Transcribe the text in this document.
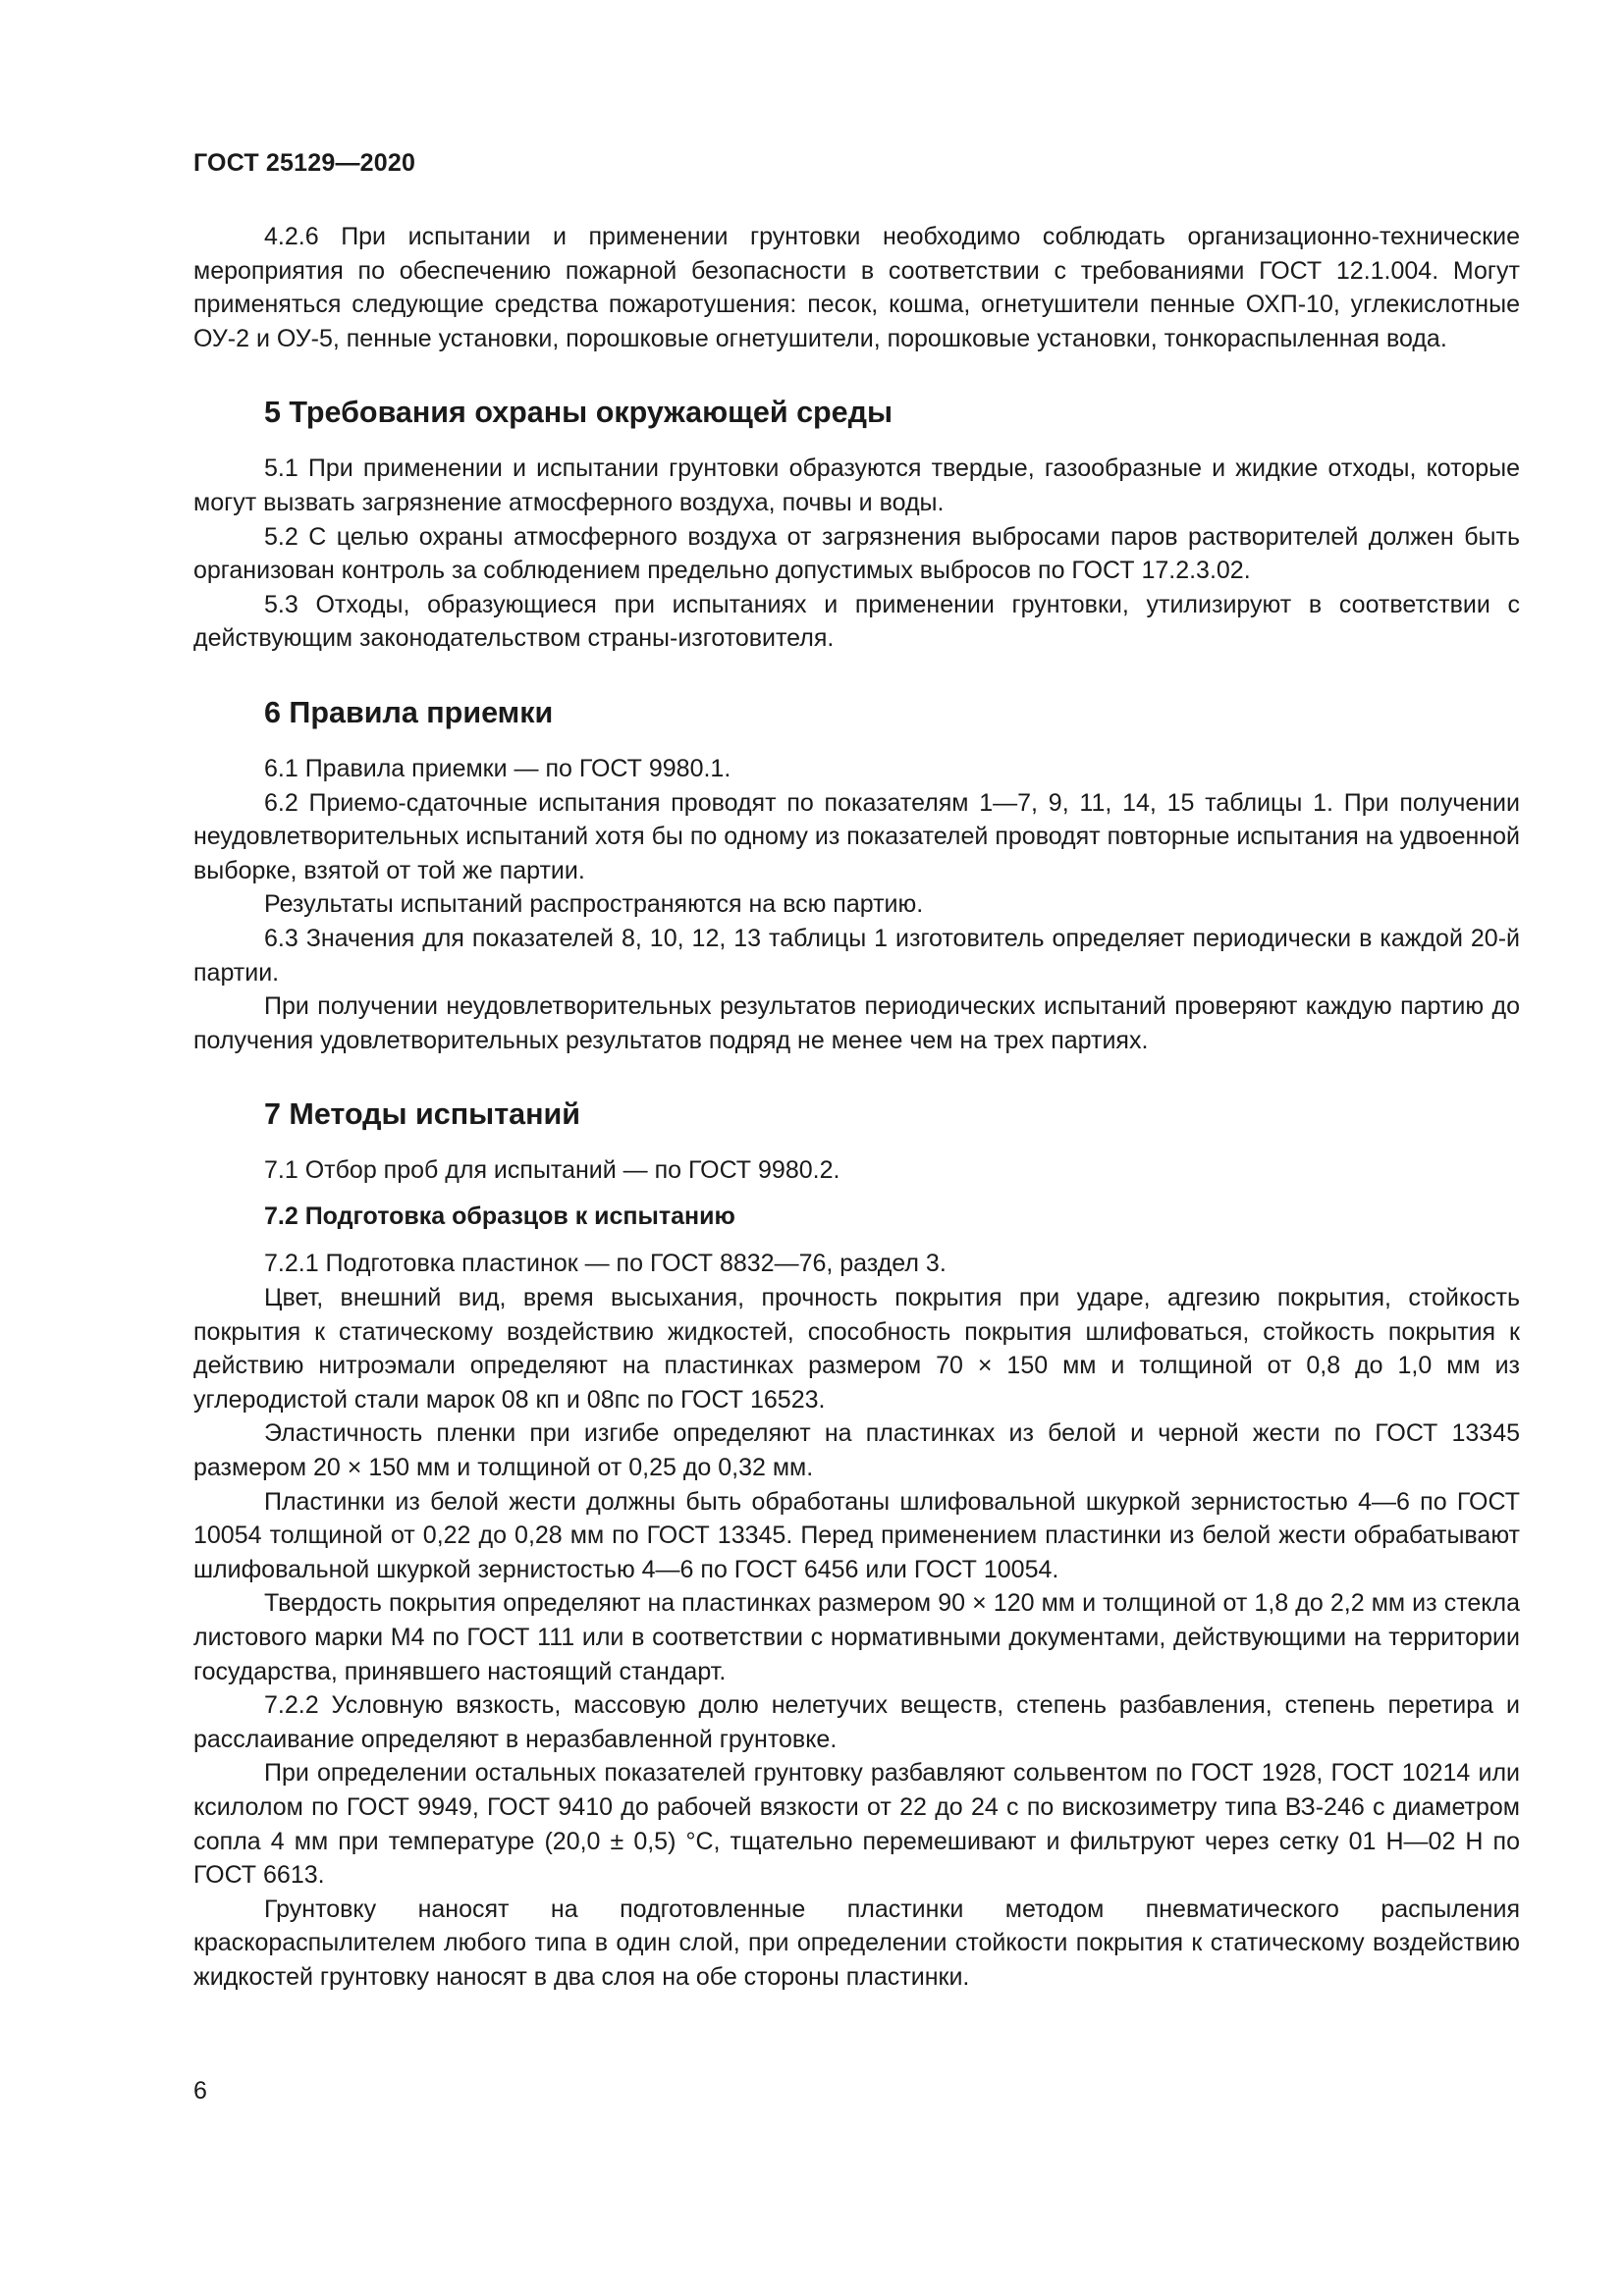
ГОСТ 25129—2020

4.2.6 При испытании и применении грунтовки необходимо соблюдать организационно-технические мероприятия по обеспечению пожарной безопасности в соответствии с требованиями ГОСТ 12.1.004. Могут применяться следующие средства пожаротушения: песок, кошма, огнетушители пенные ОХП-10, углекислотные ОУ-2 и ОУ-5, пенные установки, порошковые огнетушители, порошковые установки, тонкораспыленная вода.

5 Требования охраны окружающей среды

5.1 При применении и испытании грунтовки образуются твердые, газообразные и жидкие отходы, которые могут вызвать загрязнение атмосферного воздуха, почвы и воды.

5.2 С целью охраны атмосферного воздуха от загрязнения выбросами паров растворителей должен быть организован контроль за соблюдением предельно допустимых выбросов по ГОСТ 17.2.3.02.

5.3 Отходы, образующиеся при испытаниях и применении грунтовки, утилизируют в соответствии с действующим законодательством страны-изготовителя.

6 Правила приемки

6.1 Правила приемки — по ГОСТ 9980.1.

6.2 Приемо-сдаточные испытания проводят по показателям 1—7, 9, 11, 14, 15 таблицы 1. При получении неудовлетворительных испытаний хотя бы по одному из показателей проводят повторные испытания на удвоенной выборке, взятой от той же партии.

Результаты испытаний распространяются на всю партию.

6.3 Значения для показателей 8, 10, 12, 13 таблицы 1 изготовитель определяет периодически в каждой 20-й партии.

При получении неудовлетворительных результатов периодических испытаний проверяют каждую партию до получения удовлетворительных результатов подряд не менее чем на трех партиях.

7 Методы испытаний

7.1 Отбор проб для испытаний — по ГОСТ 9980.2.

7.2 Подготовка образцов к испытанию

7.2.1 Подготовка пластинок — по ГОСТ 8832—76, раздел 3.

Цвет, внешний вид, время высыхания, прочность покрытия при ударе, адгезию покрытия, стойкость покрытия к статическому воздействию жидкостей, способность покрытия шлифоваться, стойкость покрытия к действию нитроэмали определяют на пластинках размером 70 × 150 мм и толщиной от 0,8 до 1,0 мм из углеродистой стали марок 08 кп и 08пс по ГОСТ 16523.

Эластичность пленки при изгибе определяют на пластинках из белой и черной жести по ГОСТ 13345 размером 20 × 150 мм и толщиной от 0,25 до 0,32 мм.

Пластинки из белой жести должны быть обработаны шлифовальной шкуркой зернистостью 4—6 по ГОСТ 10054 толщиной от 0,22 до 0,28 мм по ГОСТ 13345. Перед применением пластинки из белой жести обрабатывают шлифовальной шкуркой зернистостью 4—6 по ГОСТ 6456 или ГОСТ 10054.

Твердость покрытия определяют на пластинках размером 90 × 120 мм и толщиной от 1,8 до 2,2 мм из стекла листового марки М4 по ГОСТ 111 или в соответствии с нормативными документами, действующими на территории государства, принявшего настоящий стандарт.

7.2.2 Условную вязкость, массовую долю нелетучих веществ, степень разбавления, степень перетира и расслаивание определяют в неразбавленной грунтовке.

При определении остальных показателей грунтовку разбавляют сольвентом по ГОСТ 1928, ГОСТ 10214 или ксилолом по ГОСТ 9949, ГОСТ 9410 до рабочей вязкости от 22 до 24 с по вискозиметру типа ВЗ-246 с диаметром сопла 4 мм при температуре (20,0 ± 0,5) °С, тщательно перемешивают и фильтруют через сетку 01 Н—02 Н по ГОСТ 6613.

Грунтовку наносят на подготовленные пластинки методом пневматического распыления краскораспылителем любого типа в один слой, при определении стойкости покрытия к статическому воздействию жидкостей грунтовку наносят в два слоя на обе стороны пластинки.

6
